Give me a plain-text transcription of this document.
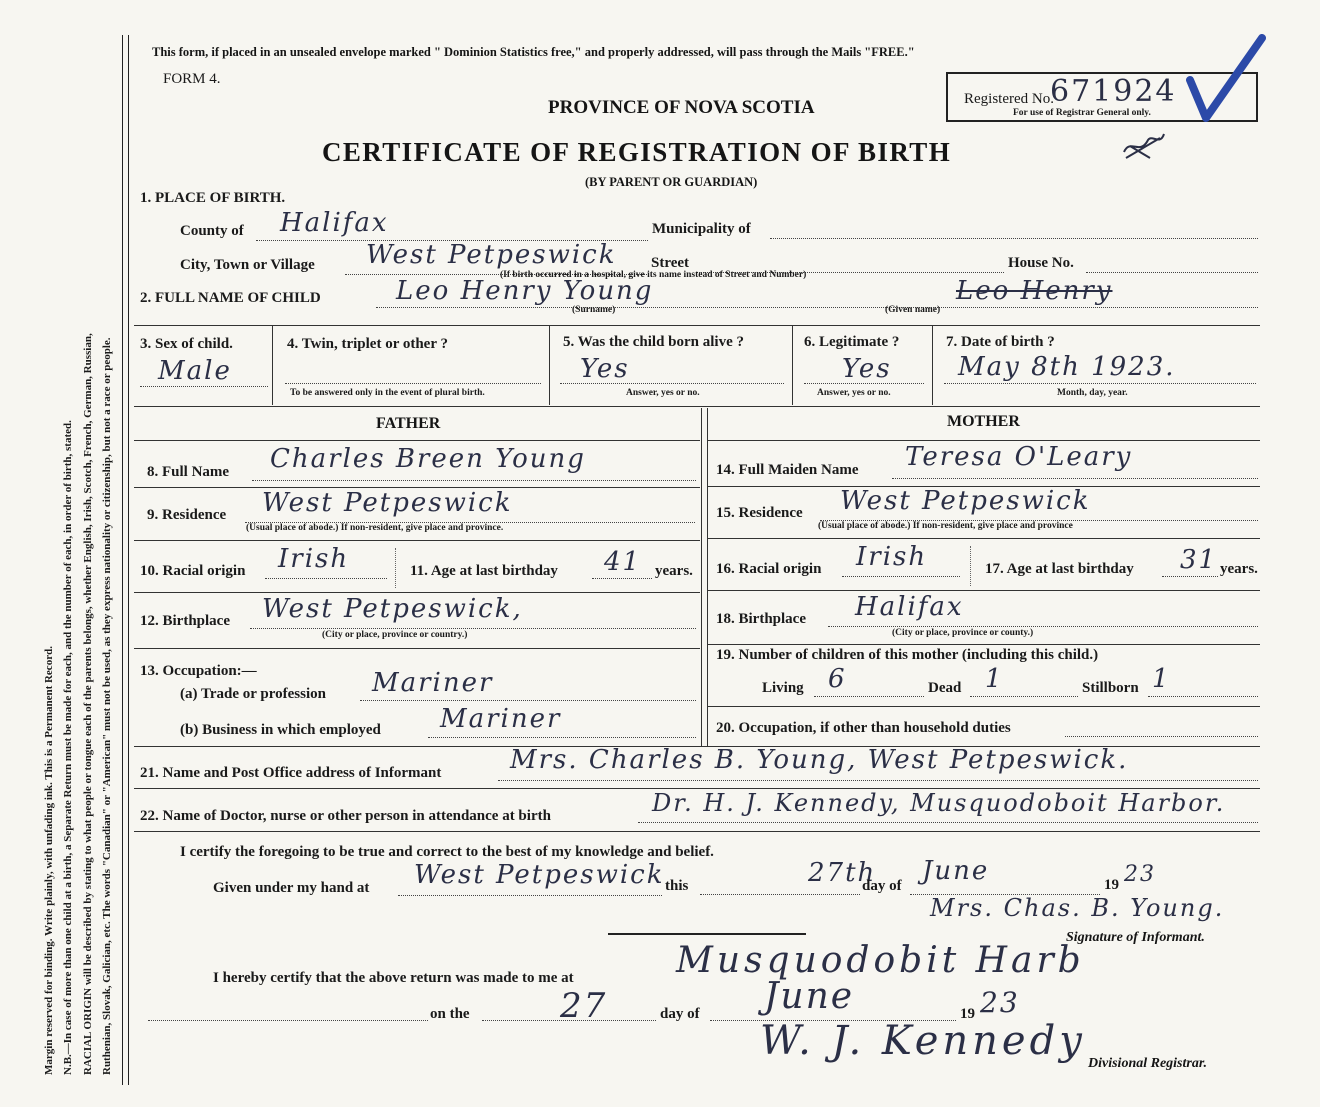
Margin reserved for binding. Write plainly, with unfading ink. This is a Permanent Record. N.B.—In case of more than one child at a birth, a Separate Return must be made for each, and the number of each, in order of birth, stated. RACIAL ORIGIN will be described by stating to what people or tongue each of the parents belongs, whether English, Irish, Scotch, French, German, Russian, Ruthenian, Slovak, Galician, etc. The words "Canadian" or "American" must not be used, as they express nationality or citizenship, but not a race or people.
This form, if placed in an unsealed envelope marked " Dominion Statistics free," and properly addressed, will pass through the Mails "FREE."
FORM 4.
PROVINCE OF NOVA SCOTIA
CERTIFICATE OF REGISTRATION OF BIRTH
(BY PARENT OR GUARDIAN)
Registered No.
671924
For use of Registrar General only.
1. PLACE OF BIRTH.
County of Halifax	Municipality of
City, Town or Village West Petpeswick Street	House No.
(If birth occurred in a hospital, give its name instead of Street and Number)
2. FULL NAME OF CHILD	Leo Henry Young	Leo Henry
(Surname)	(Given name)
3. Sex of child.
Male
4. Twin, triplet or other ?
To be answered only in the event of plural birth.
5. Was the child born alive ?
Yes
Answer, yes or no.
6. Legitimate ?
Yes
Answer, yes or no.
7. Date of birth ?
May 8th 1923.
Month, day, year.
FATHER	MOTHER
8. Full Name Charles Breen Young
9. Residence West Petpeswick
(Usual place of abode.) If non-resident, give place and province.
10. Racial origin Irish	11. Age at last birthday 41 years.
12. Birthplace West Petpeswick,
(City or place, province or country.)
13. Occupation:—
(a) Trade or profession Mariner
(b) Business in which employed Mariner
14. Full Maiden Name Teresa O'Leary
15. Residence West Petpeswick
(Usual place of abode.) If non-resident, give place and province
16. Racial origin Irish	17. Age at last birthday 31 years.
18. Birthplace Halifax
(City or place, province or county.)
19. Number of children of this mother (including this child.)
Living 6	Dead 1	Stillborn 1
20. Occupation, if other than household duties
21. Name and Post Office address of Informant	Mrs. Charles B. Young, West Petpeswick.
22. Name of Doctor, nurse or other person in attendance at birth	Dr. H. J. Kennedy, Musquodoboit Harbor.
I certify the foregoing to be true and correct to the best of my knowledge and belief.
Given under my hand at West Petpeswick this	27th
day of June	19 23
Mrs. Chas. B. Young.
Signature of Informant.
I hereby certify that the above return was made to me at	Musquodobit Harb
on the	27	day of June	19 23
W. J. Kennedy Divisional Registrar.
